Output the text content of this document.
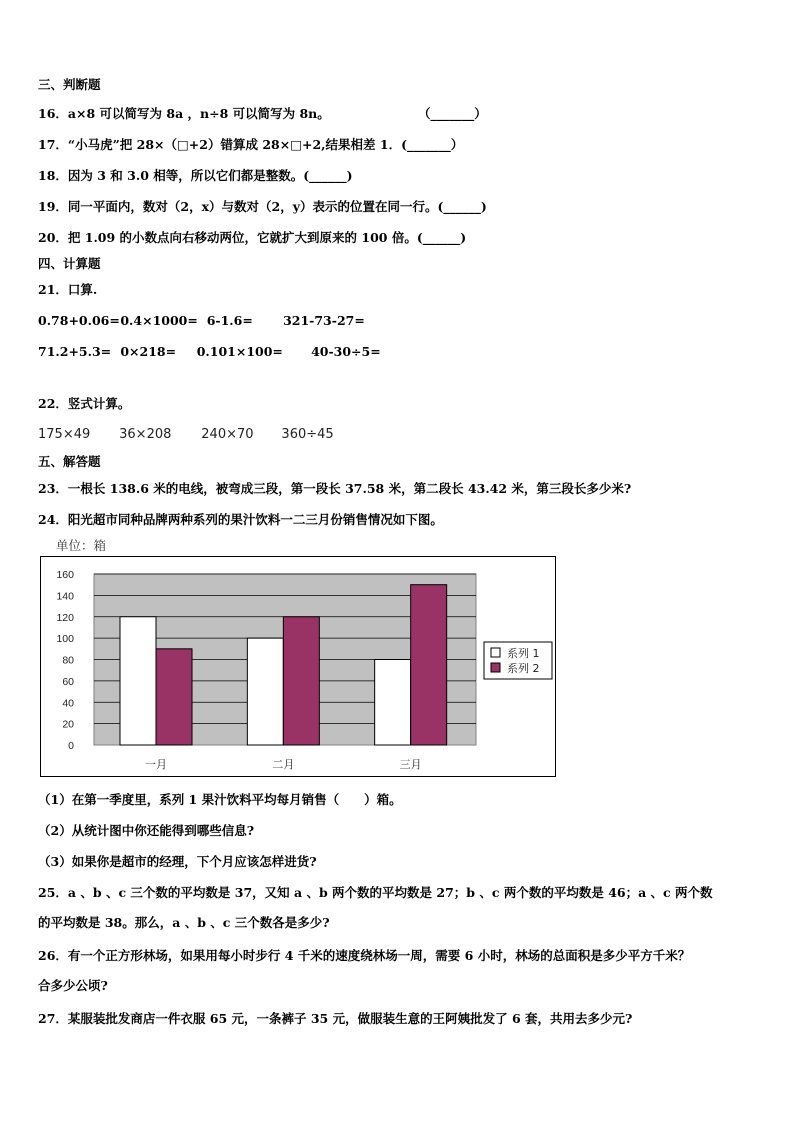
三、判断题
16．a×8 可以简写为 8a ，n÷8 可以简写为 8n。	（_______）
17．“小马虎”把 28×（□+2）错算成 28×□+2,结果相差 1．(_______）
18．因为 3 和 3.0 相等，所以它们都是整数。(______)
19．同一平面内，数对（2，x）与数对（2，y）表示的位置在同一行。(______)
20．把 1.09 的小数点向右移动两位，它就扩大到原来的 100 倍。(______)
四、计算题
21．口算.
0.78+0.06= 0.4×1000= 6-1.6= 321-73-27=
71.2+5.3= 0×218= 0.101×100= 40-30÷5=
22．竖式计算。
175×49 36×208 240×70 360÷45
五、解答题
23．一根长 138.6 米的电线，被弯成三段，第一段长 37.58 米，第二段长 43.42 米，第三段长多少米?
24．阳光超市同种品牌两种系列的果汁饮料一二三月份销售情况如下图。
单位：箱
0
20
40
60
80
100
120
140
160
一月	二月	三月
系列 1
系列 2
（1）在第一季度里，系列 1 果汁饮料平均每月销售（　　）箱。
（2）从统计图中你还能得到哪些信息?
（3）如果你是超市的经理，下个月应该怎样进货?
25．a 、b 、c 三个数的平均数是 37，又知 a 、b 两个数的平均数是 27；b 、c 两个数的平均数是 46；a 、c 两个数
的平均数是 38。那么，a 、b 、c 三个数各是多少?
26．有一个正方形林场，如果用每小时步行 4 千米的速度绕林场一周，需要 6 小时，林场的总面积是多少平方千米？
合多少公顷?
27．某服装批发商店一件衣服 65 元，一条裤子 35 元，做服装生意的王阿姨批发了 6 套，共用去多少元?
